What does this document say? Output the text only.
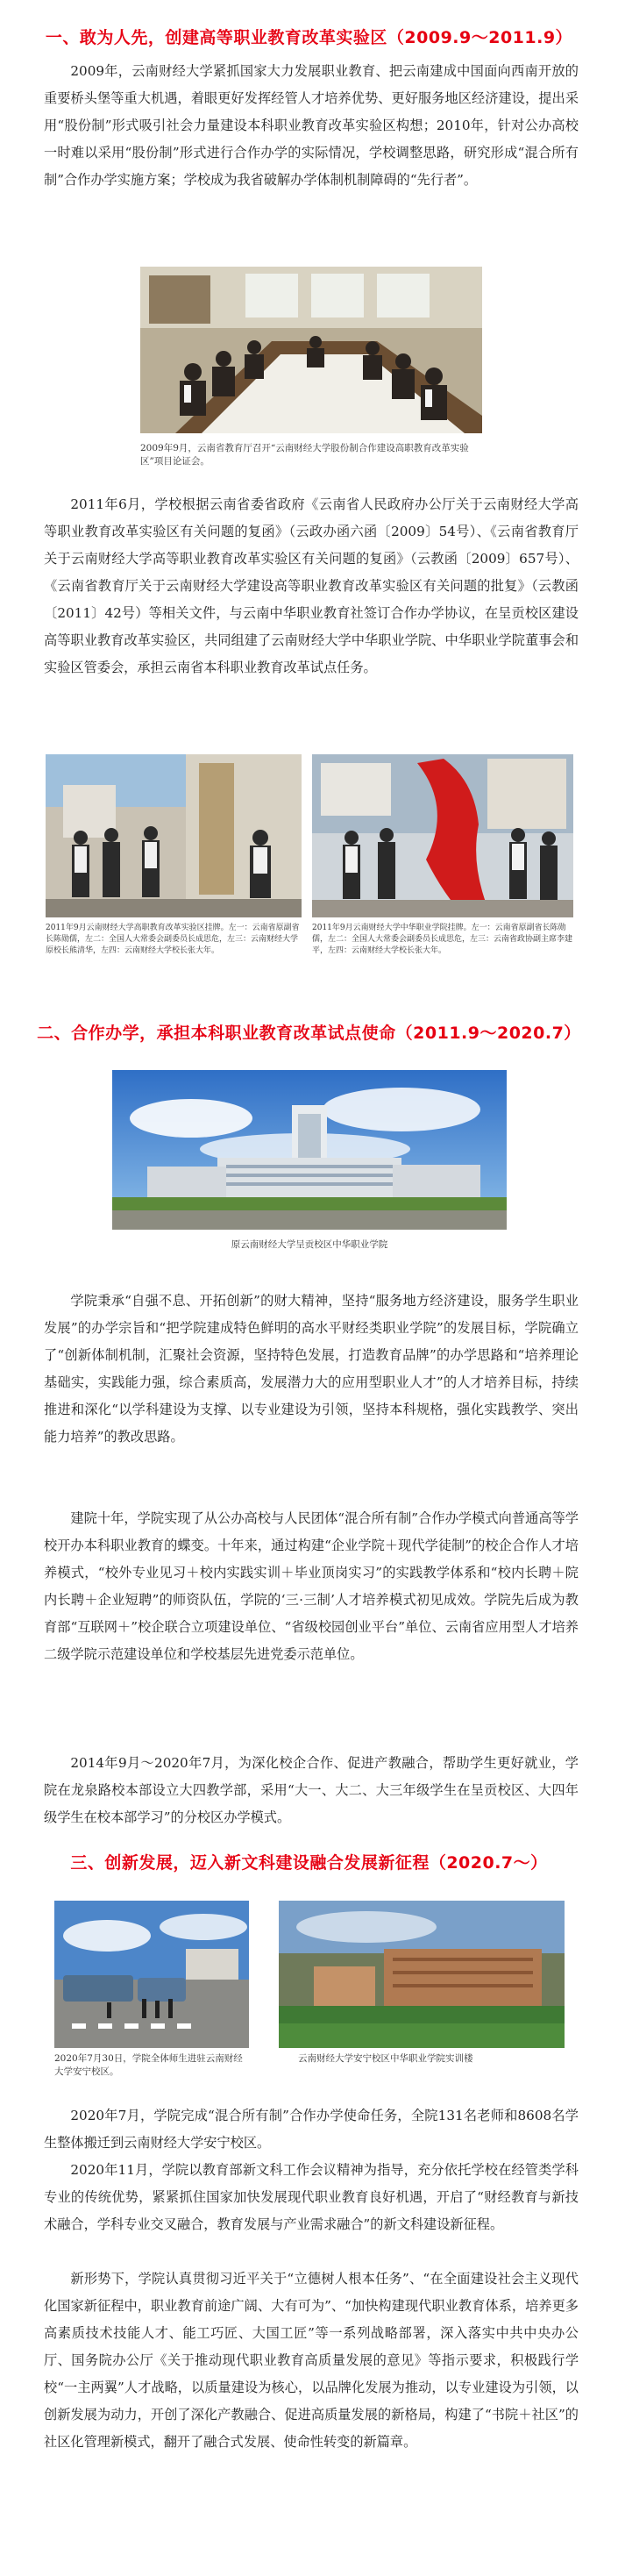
一、敢为人先，创建高等职业教育改革实验区（2009.9～2011.9）

2009年，云南财经大学紧抓国家大力发展职业教育、把云南建成中国面向西南开放的重要桥头堡等重大机遇，着眼更好发挥经管人才培养优势、更好服务地区经济建设，提出采用“股份制”形式吸引社会力量建设本科职业教育改革实验区构想；2010年，针对公办高校一时难以采用“股份制”形式进行合作办学的实际情况，学校调整思路，研究形成“混合所有制”合作办学实施方案；学校成为我省破解办学体制机制障碍的“先行者”。

2009年9月，云南省教育厅召开“云南财经大学股份制合作建设高职教育改革实验区”项目论证会。

2011年6月，学校根据云南省委省政府《云南省人民政府办公厅关于云南财经大学高等职业教育改革实验区有关问题的复函》（云政办函六函〔2009〕54号）、《云南省教育厅关于云南财经大学高等职业教育改革实验区有关问题的复函》（云教函〔2009〕657号）、《云南省教育厅关于云南财经大学建设高等职业教育改革实验区有关问题的批复》（云教函〔2011〕42号）等相关文件，与云南中华职业教育社签订合作办学协议，在呈贡校区建设高等职业教育改革实验区，共同组建了云南财经大学中华职业学院、中华职业学院董事会和实验区管委会，承担云南省本科职业教育改革试点任务。

2011年9月云南财经大学高职教育改革实验区挂牌。左一：云南省原副省长陈勋儒，左二：全国人大常委会副委员长成思危，左三：云南财经大学原校长熊清华，左四：云南财经大学校长张大年。
2011年9月云南财经大学中华职业学院挂牌。左一：云南省原副省长陈勋儒，左二：全国人大常委会副委员长成思危，左三：云南省政协副主席李建平，左四：云南财经大学校长张大年。
二、合作办学，承担本科职业教育改革试点使命（2011.9～2020.7）
原云南财经大学呈贡校区中华职业学院

学院秉承“自强不息、开拓创新”的财大精神，坚持“服务地方经济建设，服务学生职业发展”的办学宗旨和“把学院建成特色鲜明的高水平财经类职业学院”的发展目标，学院确立了“创新体制机制，汇聚社会资源，坚持特色发展，打造教育品牌”的办学思路和“培养理论基础实，实践能力强，综合素质高，发展潜力大的应用型职业人才”的人才培养目标，持续推进和深化“以学科建设为支撑、以专业建设为引领，坚持本科规格，强化实践教学、突出能力培养”的教改思路。

建院十年，学院实现了从公办高校与人民团体“混合所有制”合作办学模式向普通高等学校开办本科职业教育的蝶变。十年来，通过构建“企业学院＋现代学徒制”的校企合作人才培养模式，“校外专业见习＋校内实践实训＋毕业顶岗实习”的实践教学体系和“校内长聘＋院内长聘＋企业短聘”的师资队伍，学院的‘三·三制’人才培养模式初见成效。学院先后成为教育部“互联网＋”校企联合立项建设单位、“省级校园创业平台”单位、云南省应用型人才培养二级学院示范建设单位和学校基层先进党委示范单位。

2014年9月～2020年7月，为深化校企合作、促进产教融合，帮助学生更好就业，学院在龙泉路校本部设立大四教学部，采用“大一、大二、大三年级学生在呈贡校区、大四年级学生在校本部学习”的分校区办学模式。

三、创新发展，迈入新文科建设融合发展新征程（2020.7～）
2020年7月30日，学院全体师生进驻云南财经大学安宁校区。
云南财经大学安宁校区中华职业学院实训楼

2020年7月，学院完成“混合所有制”合作办学使命任务，全院131名老师和8608名学生整体搬迁到云南财经大学安宁校区。

2020年11月，学院以教育部新文科工作会议精神为指导，充分依托学校在经管类学科专业的传统优势，紧紧抓住国家加快发展现代职业教育良好机遇，开启了“财经教育与新技术融合，学科专业交叉融合，教育发展与产业需求融合”的新文科建设新征程。

新形势下，学院认真贯彻习近平关于“立德树人根本任务”、“在全面建设社会主义现代化国家新征程中，职业教育前途广阔、大有可为”、“加快构建现代职业教育体系，培养更多高素质技术技能人才、能工巧匠、大国工匠”等一系列战略部署，深入落实中共中央办公厅、国务院办公厅《关于推动现代职业教育高质量发展的意见》等指示要求，积极践行学校“一主两翼”人才战略，以质量建设为核心，以品牌化发展为推动，以专业建设为引领，以创新发展为动力，开创了深化产教融合、促进高质量发展的新格局，构建了“书院＋社区”的社区化管理新模式，翻开了融合式发展、使命性转变的新篇章。
